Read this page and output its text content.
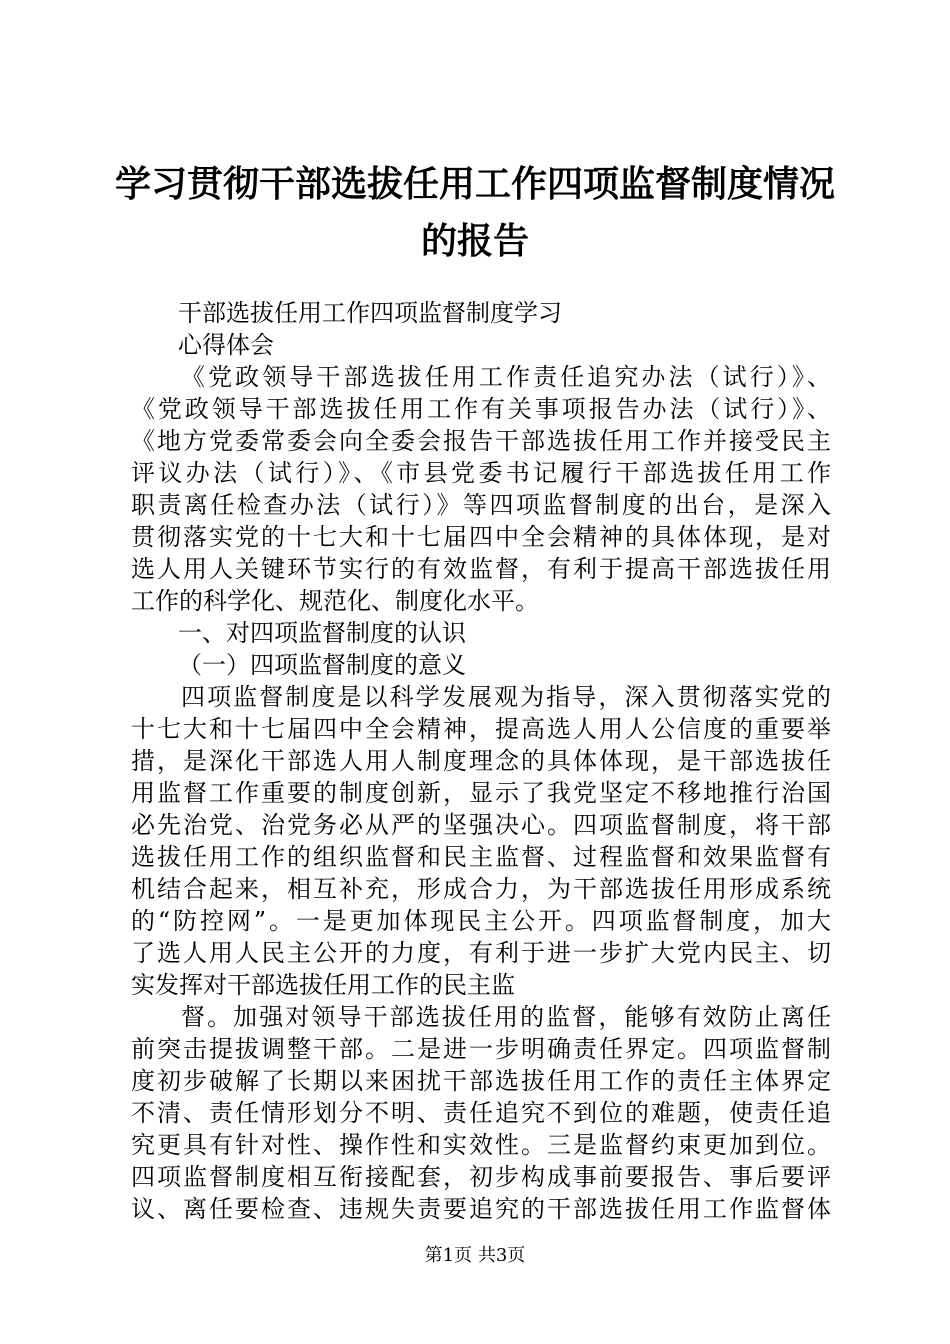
学习贯彻干部选拔任用工作四项监督制度情况
的报告
干部选拔任用工作四项监督制度学习
心得体会
《党政领导干部选拔任用工作责任追究办法（试行）》、
《党政领导干部选拔任用工作有关事项报告办法（试行）》、
《地方党委常委会向全委会报告干部选拔任用工作并接受民主
评议办法（试行）》、《市县党委书记履行干部选拔任用工作
职责离任检查办法（试行）》等四项监督制度的出台，是深入
贯彻落实党的十七大和十七届四中全会精神的具体体现，是对
选人用人关键环节实行的有效监督，有利于提高干部选拔任用
工作的科学化、规范化、制度化水平。
一、对四项监督制度的认识
（一）四项监督制度的意义
四项监督制度是以科学发展观为指导，深入贯彻落实党的
十七大和十七届四中全会精神，提高选人用人公信度的重要举
措，是深化干部选人用人制度理念的具体体现，是干部选拔任
用监督工作重要的制度创新，显示了我党坚定不移地推行治国
必先治党、治党务必从严的坚强决心。四项监督制度，将干部
选拔任用工作的组织监督和民主监督、过程监督和效果监督有
机结合起来，相互补充，形成合力，为干部选拔任用形成系统
的“防控网”。一是更加体现民主公开。四项监督制度，加大
了选人用人民主公开的力度，有利于进一步扩大党内民主、切
实发挥对干部选拔任用工作的民主监
督。加强对领导干部选拔任用的监督，能够有效防止离任
前突击提拔调整干部。二是进一步明确责任界定。四项监督制
度初步破解了长期以来困扰干部选拔任用工作的责任主体界定
不清、责任情形划分不明、责任追究不到位的难题，使责任追
究更具有针对性、操作性和实效性。三是监督约束更加到位。
四项监督制度相互衔接配套，初步构成事前要报告、事后要评
议、离任要检查、违规失责要追究的干部选拔任用工作监督体
第1页 共3页
